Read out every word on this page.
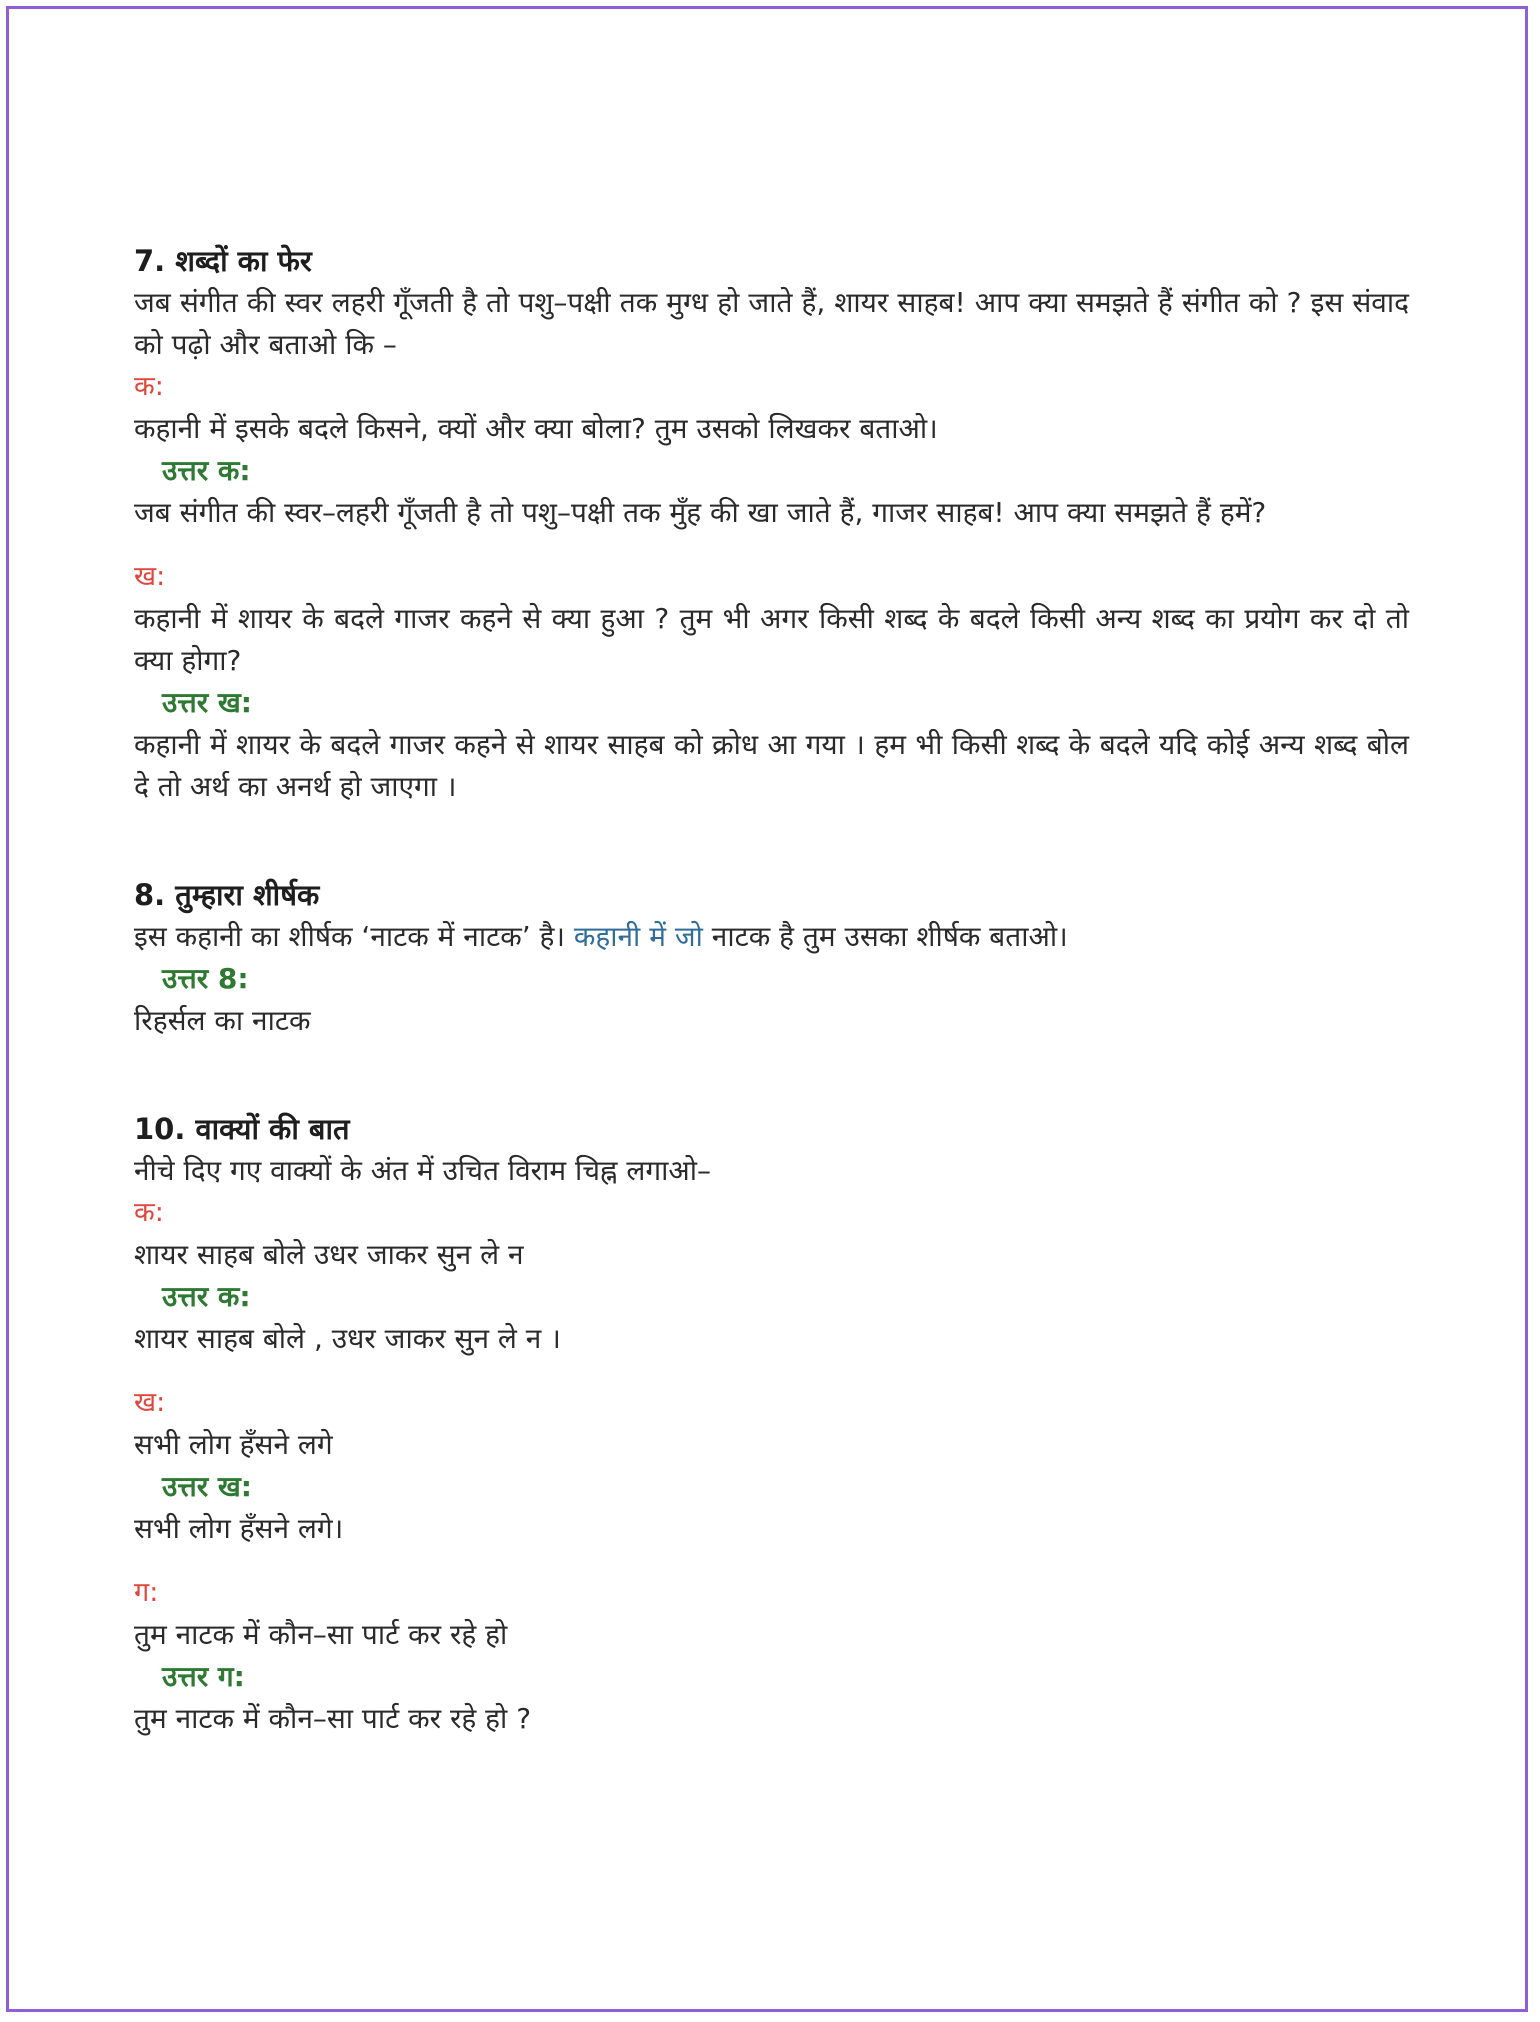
7. शब्दों का फेर
जब संगीत की स्वर लहरी गूँजती है तो पशु–पक्षी तक मुग्ध हो जाते हैं, शायर साहब! आप क्या समझते हैं संगीत को ? इस संवाद को पढ़ो और बताओ कि –
क:
कहानी में इसके बदले किसने, क्यों और क्या बोला? तुम उसको लिखकर बताओ।
उत्तर क:
जब संगीत की स्वर–लहरी गूँजती है तो पशु–पक्षी तक मुँह की खा जाते हैं, गाजर साहब! आप क्या समझते हैं हमें?
ख:
कहानी में शायर के बदले गाजर कहने से क्या हुआ ? तुम भी अगर किसी शब्द के बदले किसी अन्य शब्द का प्रयोग कर दो तो क्या होगा?
उत्तर ख:
कहानी में शायर के बदले गाजर कहने से शायर साहब को क्रोध आ गया । हम भी किसी शब्द के बदले यदि कोई अन्य शब्द बोल दे तो अर्थ का अनर्थ हो जाएगा ।
8. तुम्हारा शीर्षक
इस कहानी का शीर्षक ‘नाटक में नाटक’ है। कहानी में जो नाटक है तुम उसका शीर्षक बताओ।
उत्तर 8:
रिहर्सल का नाटक
10. वाक्यों की बात
नीचे दिए गए वाक्यों के अंत में उचित विराम चिह्न लगाओ–
क:
शायर साहब बोले उधर जाकर सुन ले न
उत्तर क:
शायर साहब बोले , उधर जाकर सुन ले न ।
ख:
सभी लोग हँसने लगे
उत्तर ख:
सभी लोग हँसने लगे।
ग:
तुम नाटक में कौन–सा पार्ट कर रहे हो
उत्तर ग:
तुम नाटक में कौन–सा पार्ट कर रहे हो ?
